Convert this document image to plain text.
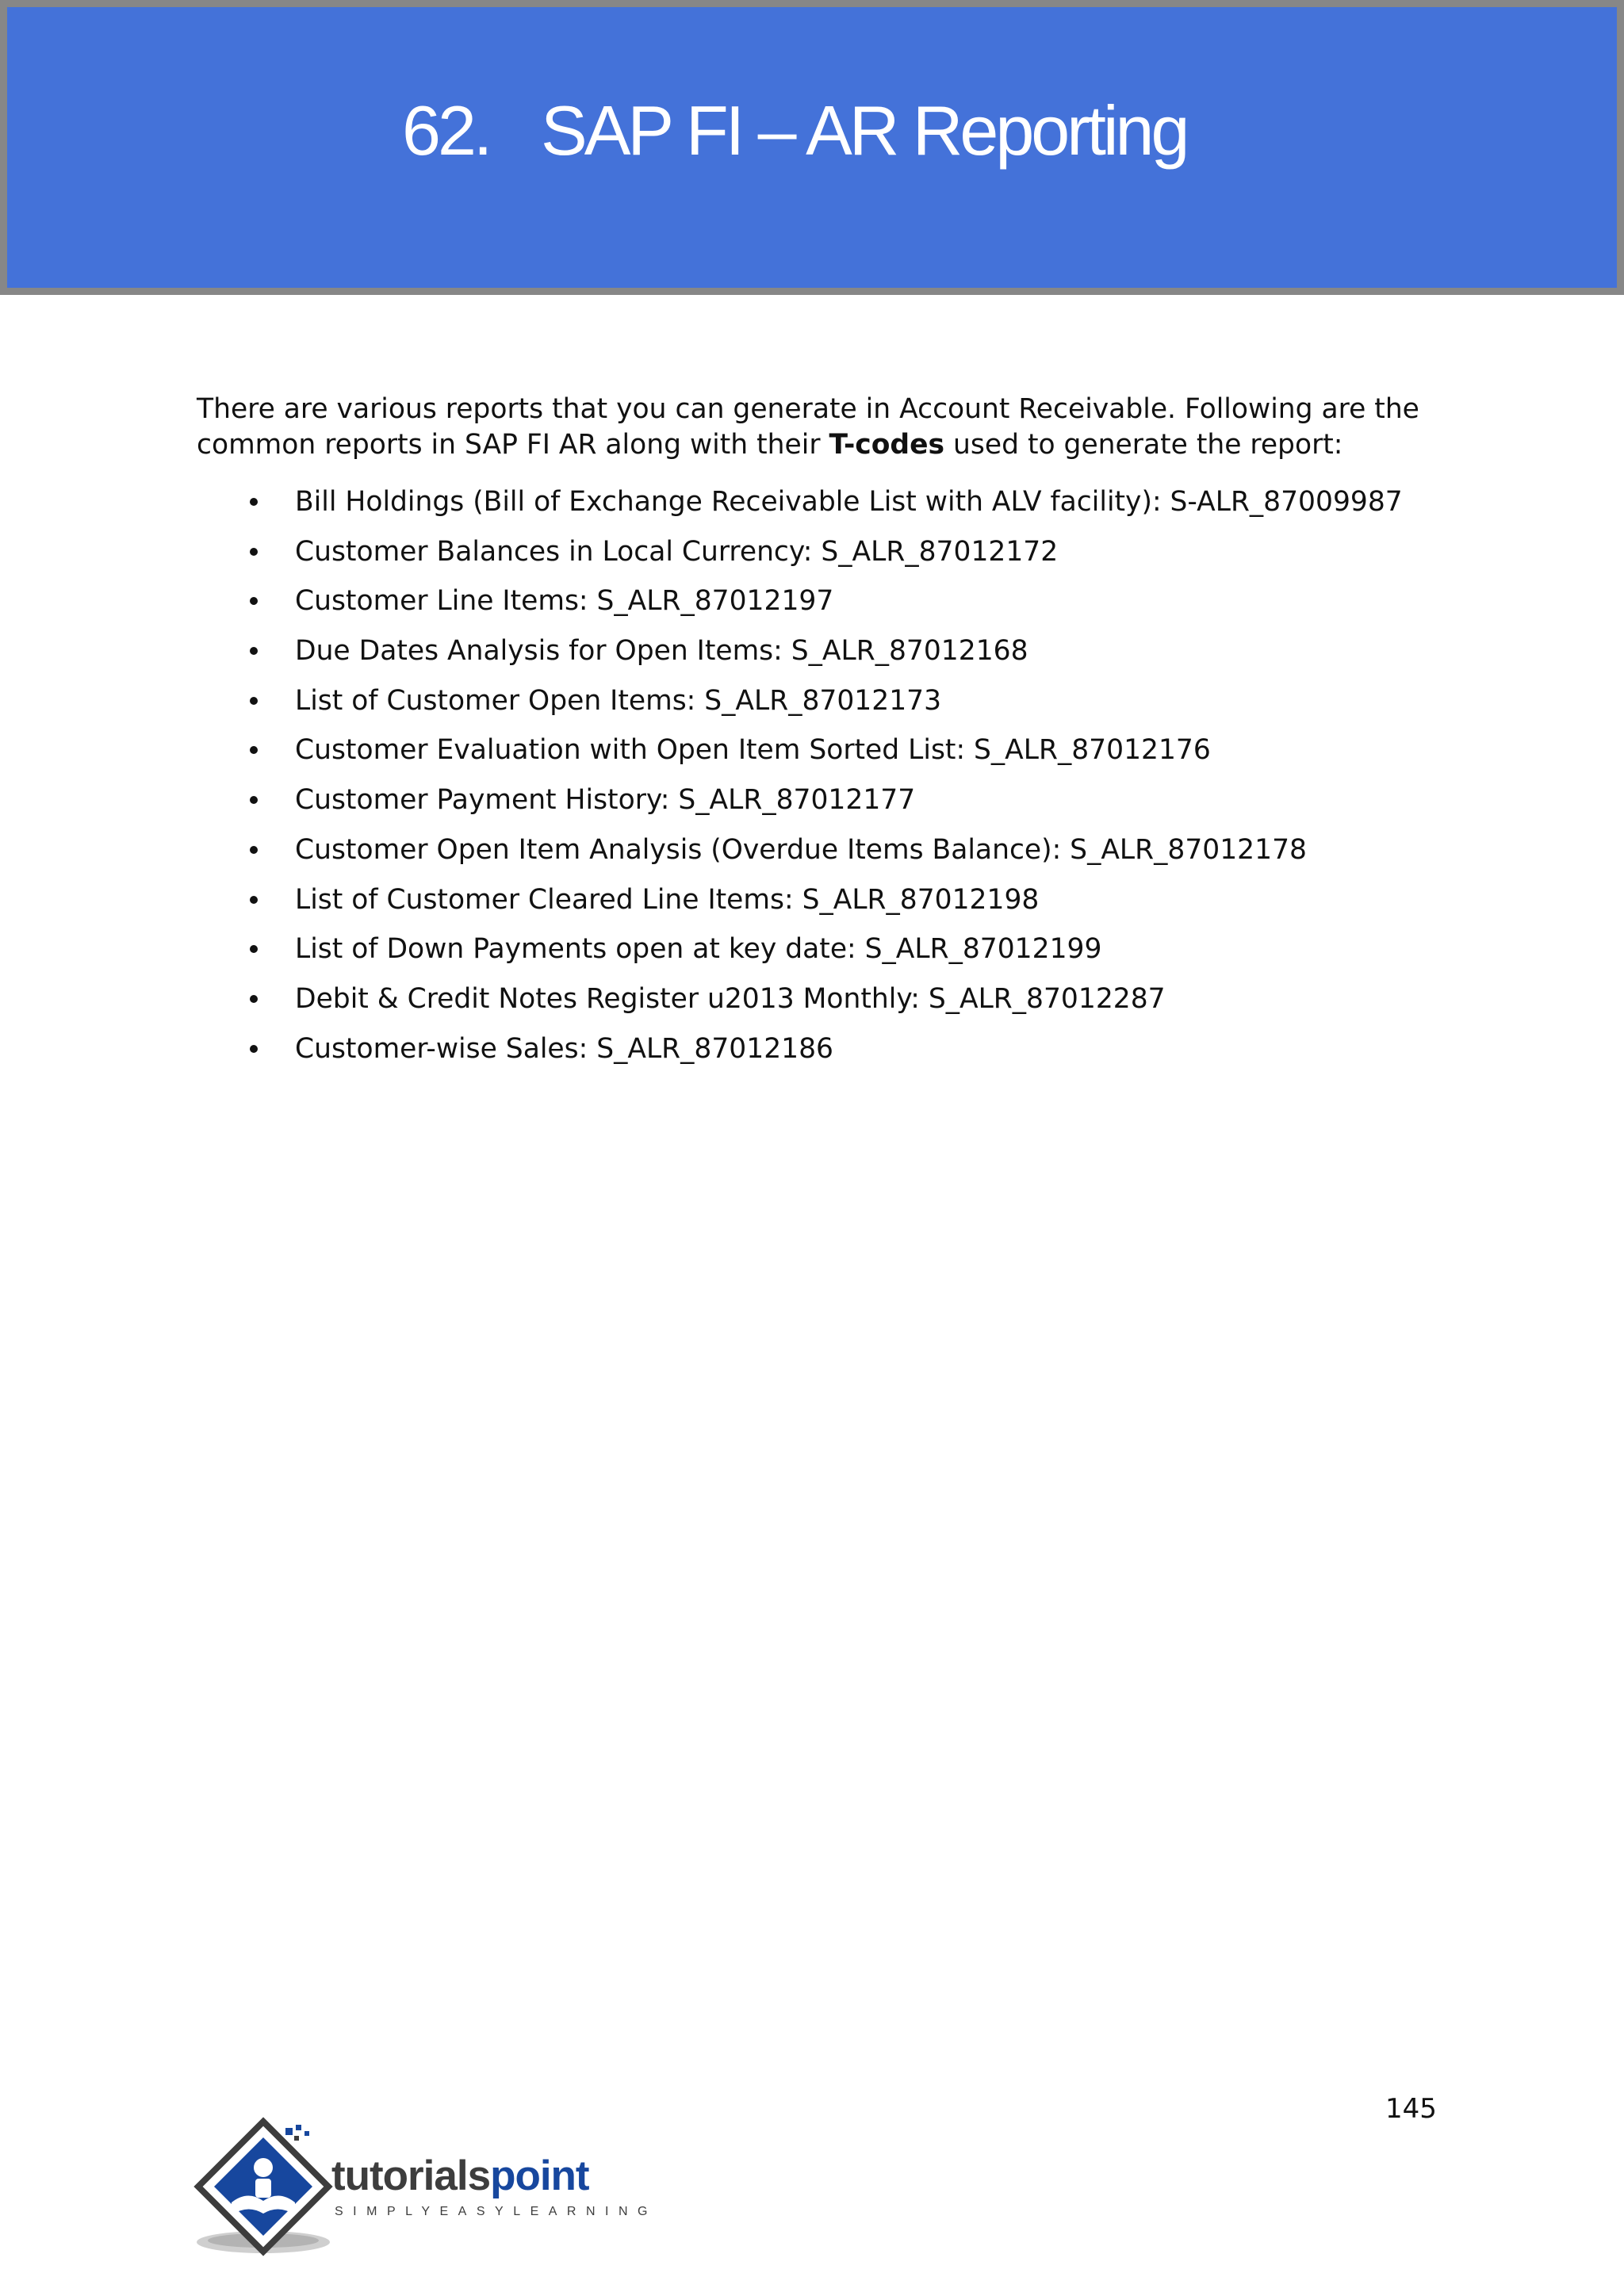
62. SAP FI – AR Reporting

There are various reports that you can generate in Account Receivable. Following are the common reports in SAP FI AR along with their T-codes used to generate the report:

Bill Holdings (Bill of Exchange Receivable List with ALV facility): S-ALR_87009987
Customer Balances in Local Currency: S_ALR_87012172
Customer Line Items: S_ALR_87012197
Due Dates Analysis for Open Items: S_ALR_87012168
List of Customer Open Items: S_ALR_87012173
Customer Evaluation with Open Item Sorted List: S_ALR_87012176
Customer Payment History: S_ALR_87012177
Customer Open Item Analysis (Overdue Items Balance): S_ALR_87012178
List of Customer Cleared Line Items: S_ALR_87012198
List of Down Payments open at key date: S_ALR_87012199
Debit & Credit Notes Register u2013 Monthly: S_ALR_87012287
Customer-wise Sales: S_ALR_87012186
145

tutorialspoint

SIMPLYEASYLEARNING
